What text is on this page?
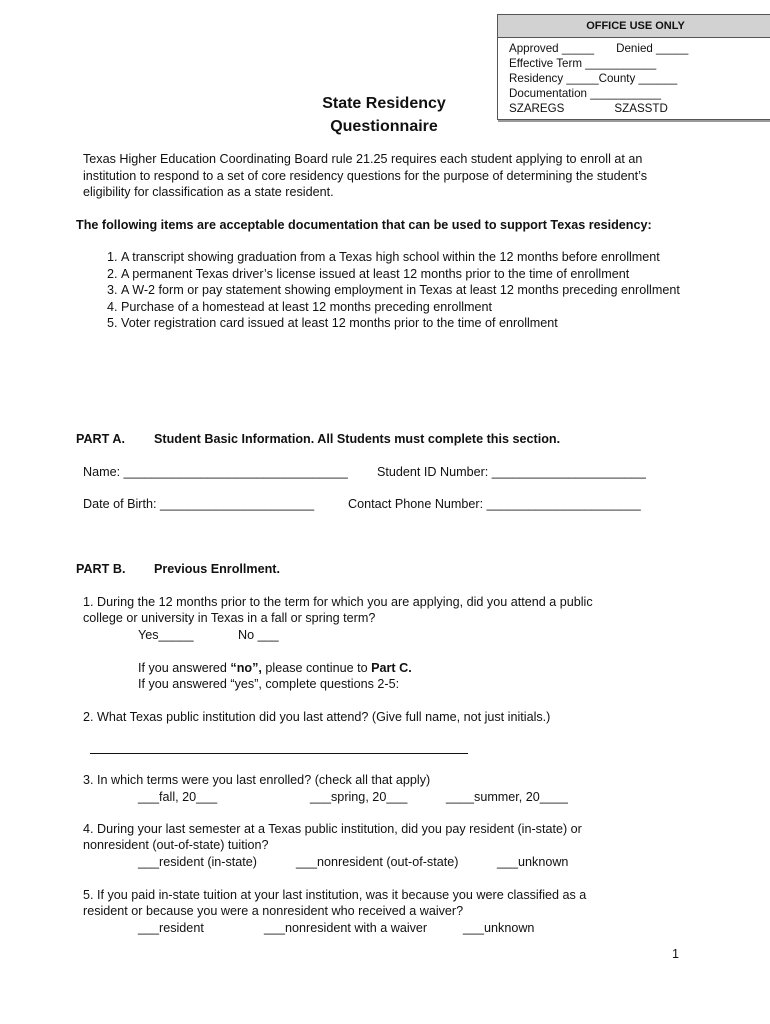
OFFICE USE ONLY
Approved _____ Denied _____
Effective Term ___________
Residency _____County ______
Documentation ___________
SZAREGS	SZASSTD
State Residency
Questionnaire
Texas Higher Education Coordinating Board rule 21.25 requires each student applying to enroll at an institution to respond to a set of core residency questions for the purpose of determining the student’s eligibility for classification as a state resident.
The following items are acceptable documentation that can be used to support Texas residency:
1. A transcript showing graduation from a Texas high school within the 12 months before enrollment
2. A permanent Texas driver’s license issued at least 12 months prior to the time of enrollment
3. A W-2 form or pay statement showing employment in Texas at least 12 months preceding enrollment
4. Purchase of a homestead at least 12 months preceding enrollment
5. Voter registration card issued at least 12 months prior to the time of enrollment
PART A. Student Basic Information. All Students must complete this section.
Name: ________________________________ Student ID Number: ______________________
Date of Birth: ______________________	Contact Phone Number: ______________________
PART B. Previous Enrollment.
1. During the 12 months prior to the term for which you are applying, did you attend a public
college or university in Texas in a fall or spring term?
Yes_____	No ___
If you answered “no”, please continue to Part C.
If you answered “yes”, complete questions 2-5:
2. What Texas public institution did you last attend? (Give full name, not just initials.)
3. In which terms were you last enrolled? (check all that apply)
___fall, 20___	___spring, 20___	____summer, 20____
4. During your last semester at a Texas public institution, did you pay resident (in-state) or
nonresident (out-of-state) tuition?
___resident (in-state)	___nonresident (out-of-state)	___unknown
5. If you paid in-state tuition at your last institution, was it because you were classified as a
resident or because you were a nonresident who received a waiver?
___resident	___nonresident with a waiver	___unknown
1
